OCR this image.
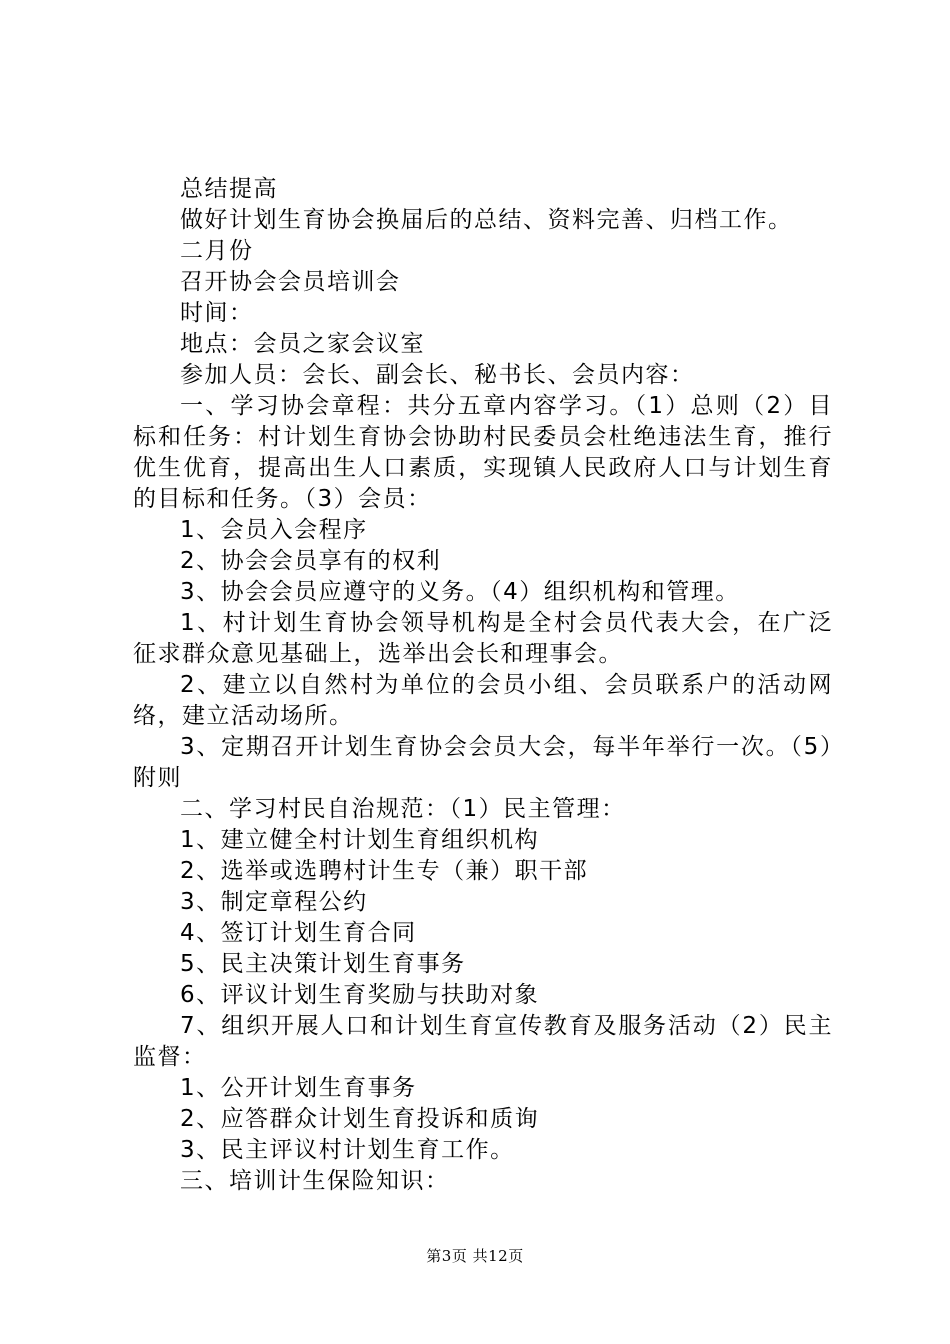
总结提高

做好计划生育协会换届后的总结、资料完善、归档工作。

二月份

召开协会会员培训会

时间：

地点：会员之家会议室

参加人员：会长、副会长、秘书长、会员内容：

一、学习协会章程：共分五章内容学习。（1）总则（2）目标和任务：村计划生育协会协助村民委员会杜绝违法生育，推行优生优育，提高出生人口素质，实现镇人民政府人口与计划生育的目标和任务。（3）会员：

1、会员入会程序

2、协会会员享有的权利

3、协会会员应遵守的义务。（4）组织机构和管理。

1、村计划生育协会领导机构是全村会员代表大会，在广泛征求群众意见基础上，选举出会长和理事会。

2、建立以自然村为单位的会员小组、会员联系户的活动网络，建立活动场所。

3、定期召开计划生育协会会员大会，每半年举行一次。（5）附则

二、学习村民自治规范：（1）民主管理：

1、建立健全村计划生育组织机构

2、选举或选聘村计生专（兼）职干部

3、制定章程公约

4、签订计划生育合同

5、民主决策计划生育事务

6、评议计划生育奖励与扶助对象

7、组织开展人口和计划生育宣传教育及服务活动（2）民主监督：

1、公开计划生育事务

2、应答群众计划生育投诉和质询

3、民主评议村计划生育工作。

三、培训计生保险知识：

第3页 共12页
